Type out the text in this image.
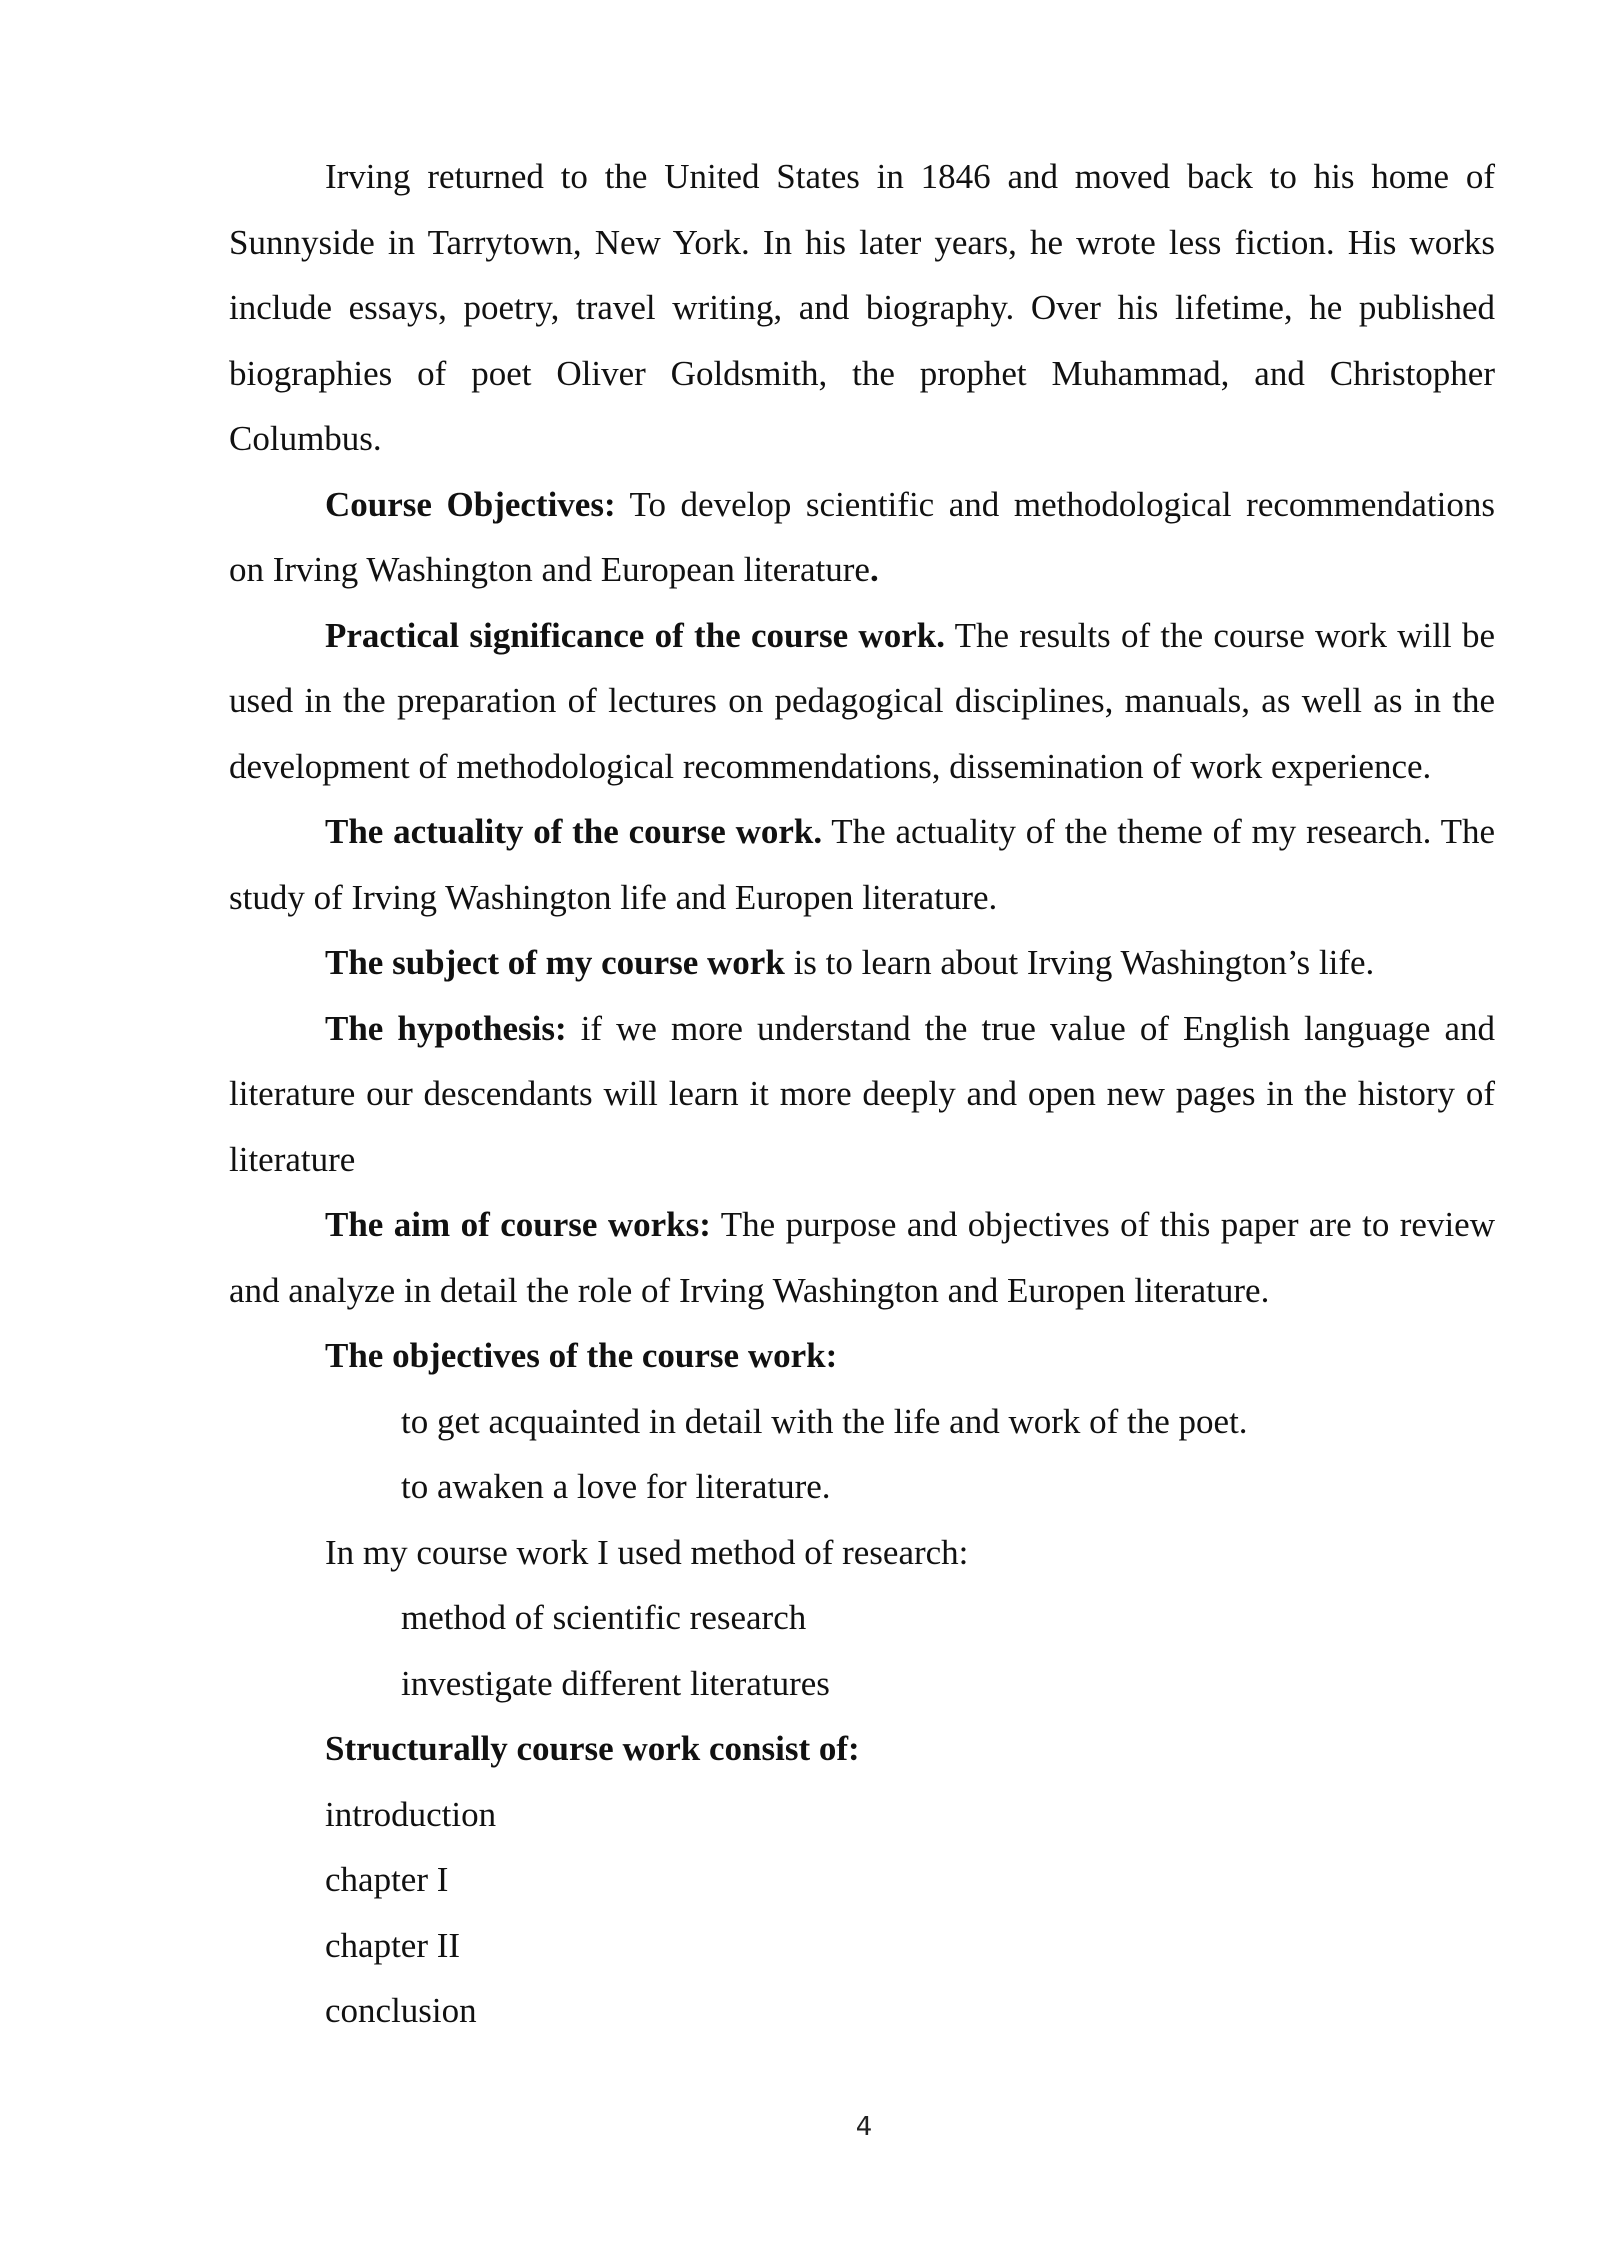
Irving returned to the United States in 1846 and moved back to his home of Sunnyside in Tarrytown, New York. In his later years, he wrote less fiction. His works include essays, poetry, travel writing, and biography. Over his lifetime, he published biographies of poet Oliver Goldsmith, the prophet Muhammad, and Christopher Columbus.

Course Objectives: To develop scientific and methodological recommendations on Irving Washington and European literature.

Practical significance of the course work. The results of the course work will be used in the preparation of lectures on pedagogical disciplines, manuals, as well as in the development of methodological recommendations, dissemination of work experience.

The actuality of the course work. The actuality of the theme of my research. The study of Irving Washington life and Europen literature.

The subject of my course work is to learn about Irving Washington’s life.

The hypothesis: if we more understand the true value of English language and literature our descendants will learn it more deeply and open new pages in the history of literature

The aim of course works: The purpose and objectives of this paper are to review and analyze in detail the role of Irving Washington and Europen literature.

The objectives of the course work:

to get acquainted in detail with the life and work of the poet.

to awaken a love for literature.

In my course work I used method of research:

method of scientific research

investigate different literatures

Structurally course work consist of:

introduction

chapter I

chapter II

conclusion

4
